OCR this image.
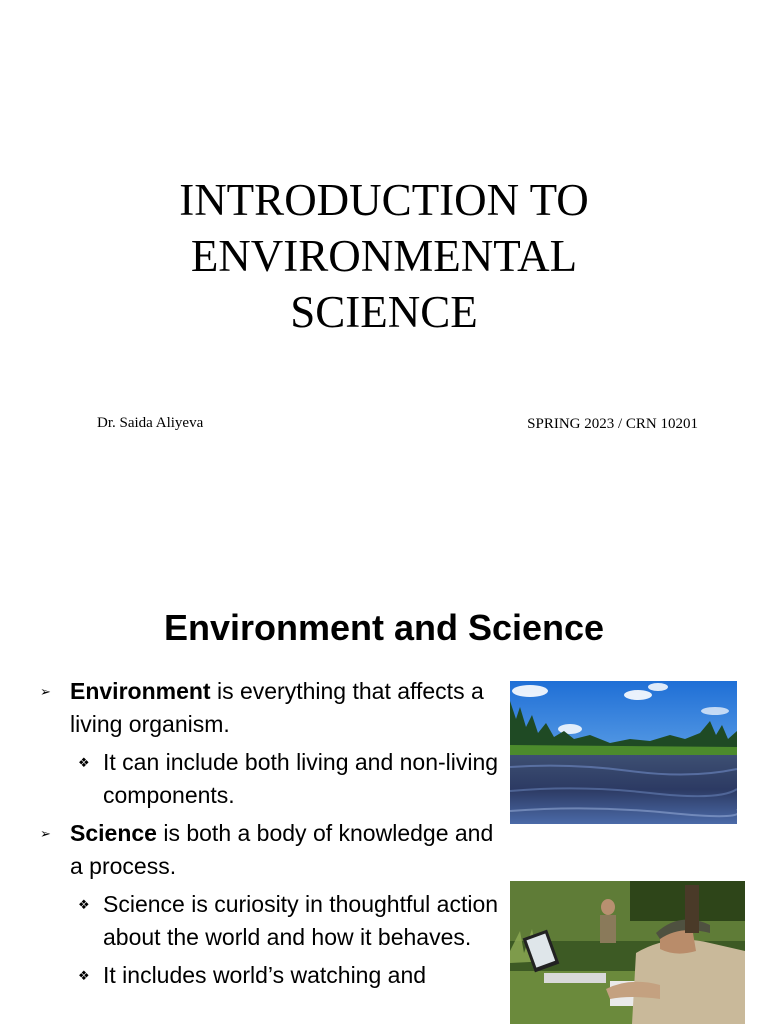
INTRODUCTION TO
ENVIRONMENTAL
SCIENCE
Dr. Saida Aliyeva	SPRING 2023 / CRN 10201
Environment and Science
➢ Environment is everything that affects a living organism.
❖ It can include both living and non-living components.
➢ Science is both a body of knowledge and a process.
❖ Science is curiosity in thoughtful action about the world and how it behaves.
❖ It includes world’s watching and
